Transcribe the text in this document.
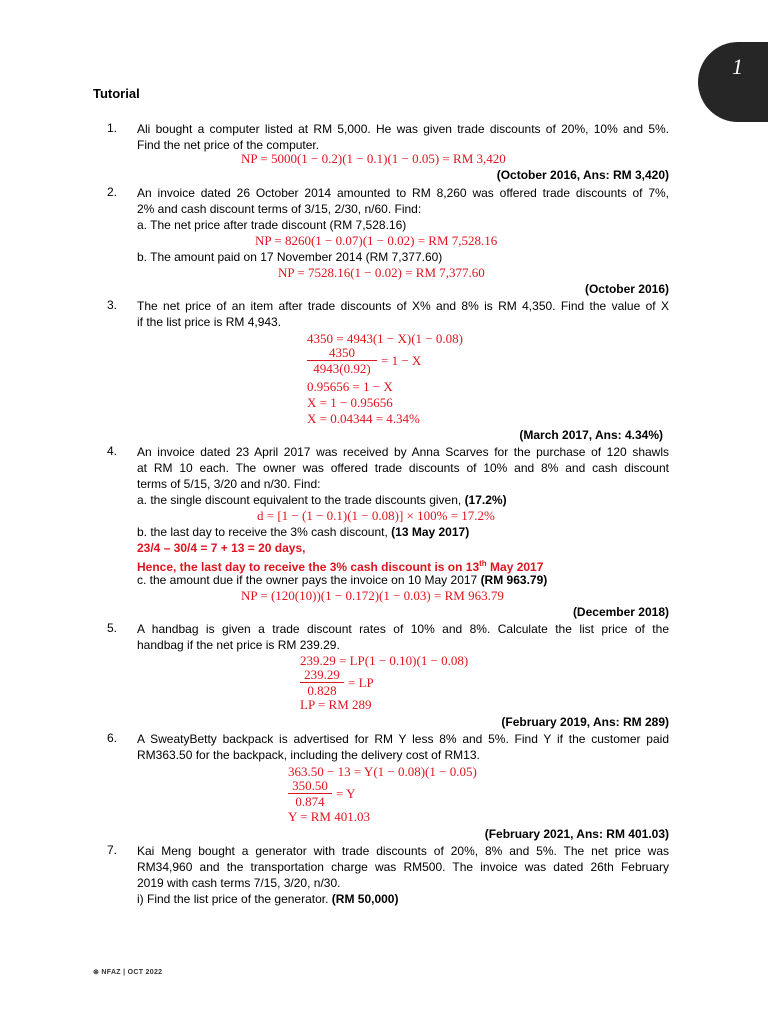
1
Tutorial
1. Ali bought a computer listed at RM 5,000. He was given trade discounts of 20%, 10% and 5%.
Find the net price of the computer.
NP = 5000(1 − 0.2)(1 − 0.1)(1 − 0.05) = RM 3,420
(October 2016, Ans: RM 3,420)
2. An invoice dated 26 October 2014 amounted to RM 8,260 was offered trade discounts of 7%,
2% and cash discount terms of 3/15, 2/30, n/60. Find:
a. The net price after trade discount (RM 7,528.16)
NP = 8260(1 − 0.07)(1 − 0.02) = RM 7,528.16
b. The amount paid on 17 November 2014 (RM 7,377.60)
NP = 7528.16(1 − 0.02) = RM 7,377.60
(October 2016)
3. The net price of an item after trade discounts of X% and 8% is RM 4,350. Find the value of X
if the list price is RM 4,943.
4350 = 4943(1 − X)(1 − 0.08)
4350
4943(0.92)
= 1 − X
0.95656 = 1 − X
X = 1 − 0.95656
X = 0.04344 = 4.34%
(March 2017, Ans: 4.34%)
4. An invoice dated 23 April 2017 was received by Anna Scarves for the purchase of 120 shawls
at RM 10 each. The owner was offered trade discounts of 10% and 8% and cash discount
terms of 5/15, 3/20 and n/30. Find:
a. the single discount equivalent to the trade discounts given, (17.2%)
d = [1 − (1 − 0.1)(1 − 0.08)] × 100% = 17.2%
b. the last day to receive the 3% cash discount, (13 May 2017)
23/4 – 30/4 = 7 + 13 = 20 days,
Hence, the last day to receive the 3% cash discount is on 13th May 2017
c. the amount due if the owner pays the invoice on 10 May 2017 (RM 963.79)
NP = (120(10))(1 − 0.172)(1 − 0.03) = RM 963.79
(December 2018)
5. A handbag is given a trade discount rates of 10% and 8%. Calculate the list price of the
handbag if the net price is RM 239.29.
239.29 = LP(1 − 0.10)(1 − 0.08)
239.29
0.828
= LP
LP = RM 289
(February 2019, Ans: RM 289)
6. A SweatyBetty backpack is advertised for RM Y less 8% and 5%. Find Y if the customer paid
RM363.50 for the backpack, including the delivery cost of RM13.
363.50 − 13 = Y(1 − 0.08)(1 − 0.05)
350.50
0.874
= Y
Y = RM 401.03
(February 2021, Ans: RM 401.03)
7. Kai Meng bought a generator with trade discounts of 20%, 8% and 5%. The net price was
RM34,960 and the transportation charge was RM500. The invoice was dated 26th February
2019 with cash terms 7/15, 3/20, n/30.
i) Find the list price of the generator. (RM 50,000)
⊗ NFAZ | OCT 2022
